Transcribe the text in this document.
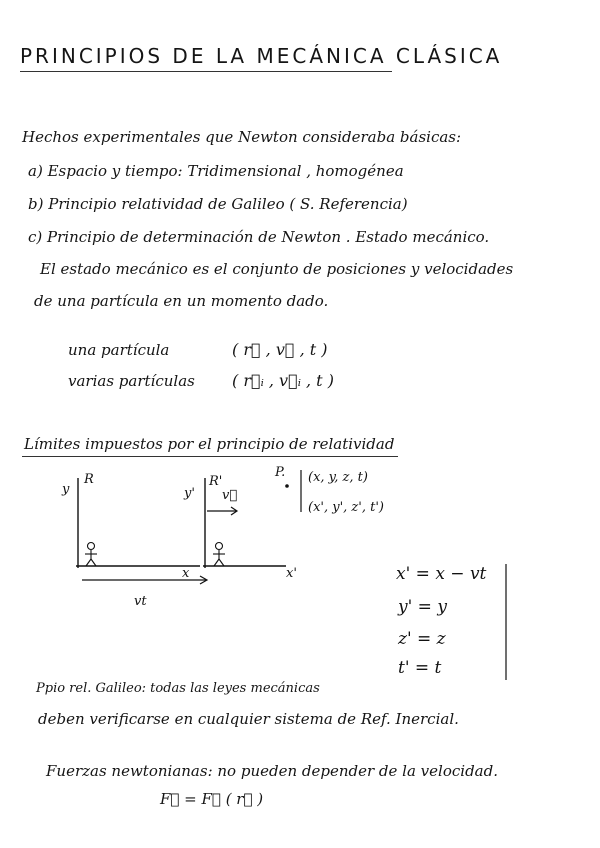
PRINCIPIOS DE LA MECÁNICA CLÁSICA
Hechos experimentales que Newton consideraba básicas:
a) Espacio y tiempo: Tridimensional , homogénea
b) Principio relatividad de Galileo ( S. Referencia)
c) Principio de determinación de Newton . Estado mecánico.
El estado mecánico es el conjunto de posiciones y velocidades
de una partícula en un momento dado.
una partícula	( r⃗ , v⃗ , t )
varias partículas ( r⃗ᵢ , v⃗ᵢ , t )
Límites impuestos por el principio de relatividad
y
R
y'
R'
v⃗
x	x'
P. (x, y, z, t)
(x', y', z', t')
vt
x' = x − vt
y' = y
z' = z
t' = t
Ppio rel. Galileo: todas las leyes mecánicas
deben verificarse en cualquier sistema de Ref. Inercial.
Fuerzas newtonianas: no pueden depender de la velocidad.
F⃗ = F⃗ ( r⃗ )
